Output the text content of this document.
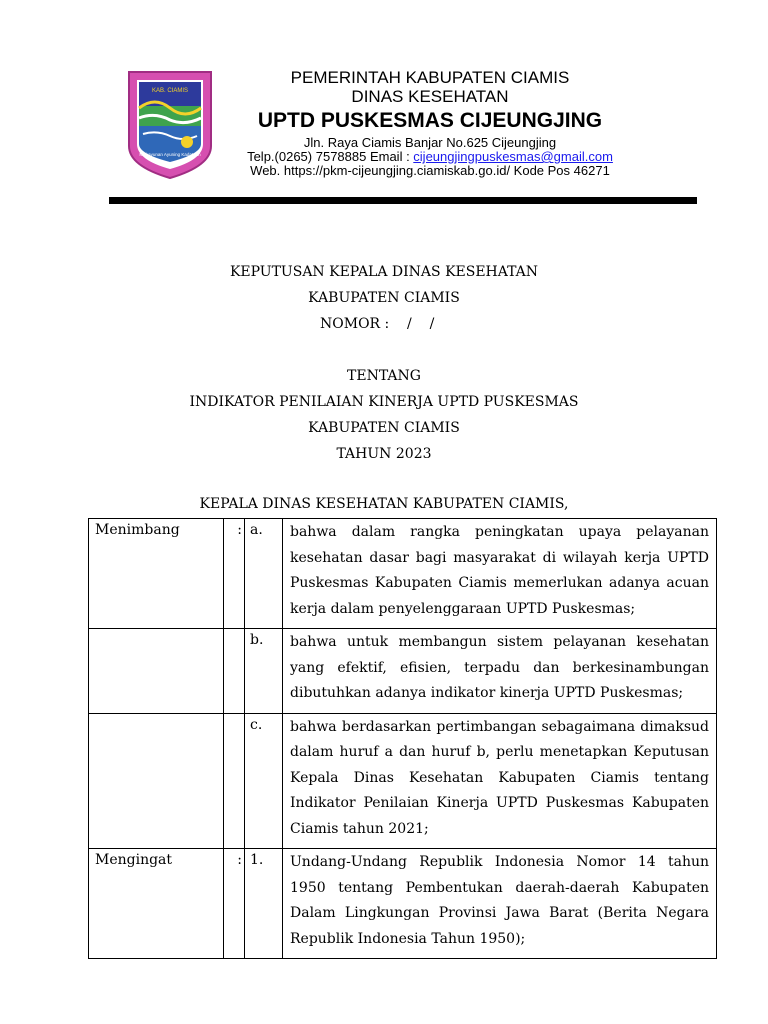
KAB. CIAMIS
Mahayunan Ayuning Kadatuan
PEMERINTAH KABUPATEN CIAMIS
DINAS KESEHATAN
UPTD PUSKESMAS CIJEUNGJING
Jln. Raya Ciamis Banjar No.625 Cijeungjing
Telp.(0265) 7578885 Email : cijeungjingpuskesmas@gmail.com
Web. https://pkm-cijeungjing.ciamiskab.go.id/ Kode Pos 46271
KEPUTUSAN KEPALA DINAS KESEHATAN
KABUPATEN CIAMIS
NOMOR :    /    /
TENTANG
INDIKATOR PENILAIAN KINERJA UPTD PUSKESMAS
KABUPATEN CIAMIS
TAHUN 2023
KEPALA DINAS KESEHATAN KABUPATEN CIAMIS,
Menimbang	:	a.	bahwa dalam rangka peningkatan upaya pelayanan kesehatan dasar bagi masyarakat di wilayah kerja UPTD Puskesmas Kabupaten Ciamis memerlukan adanya acuan kerja dalam penyelenggaraan UPTD Puskesmas;

		b.	bahwa untuk membangun sistem pelayanan kesehatan yang efektif, efisien, terpadu dan berkesinambungan dibutuhkan adanya indikator kinerja UPTD Puskesmas;

		c.	bahwa berdasarkan pertimbangan sebagaimana dimaksud dalam huruf a dan huruf b, perlu menetapkan Keputusan Kepala Dinas Kesehatan Kabupaten Ciamis tentang Indikator Penilaian Kinerja UPTD Puskesmas Kabupaten Ciamis tahun 2021;

Mengingat	:	1.	Undang-Undang Republik Indonesia Nomor 14 tahun 1950 tentang Pembentukan daerah-daerah Kabupaten Dalam Lingkungan Provinsi Jawa Barat (Berita Negara Republik Indonesia Tahun 1950);
